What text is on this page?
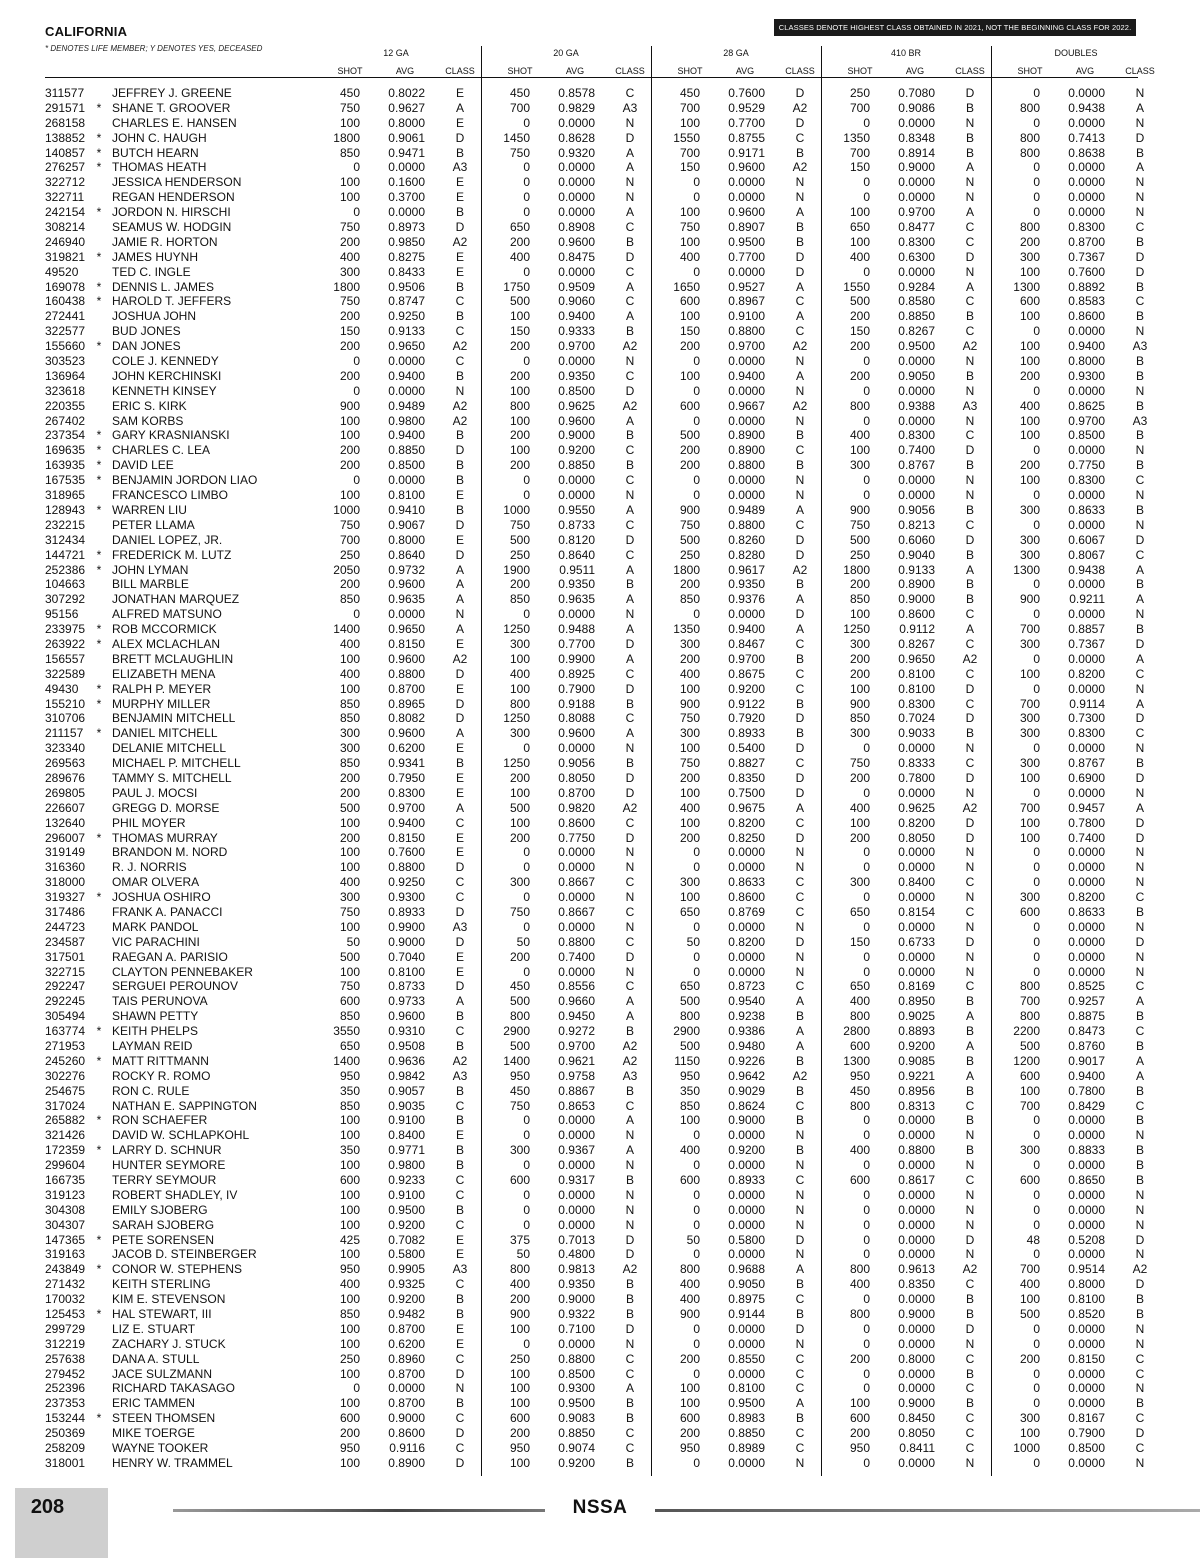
CALIFORNIA
* DENOTES LIFE MEMBER; Y DENOTES YES, DECEASED
CLASSES DENOTE HIGHEST CLASS OBTAINED IN 2021, NOT THE BEGINNING CLASS FOR 2022.
12 GA
SHOT	AVG	CLASS
20 GA
SHOT	AVG	CLASS
28 GA
SHOT	AVG	CLASS
410 BR
SHOT	AVG	CLASS
DOUBLES
SHOT	AVG	CLASS
311577	JEFFREY J. GREENE	450	0.8022	E	450	0.8578	C	450	0.7600	D	250	0.7080	D	0	0.0000	N
291571 * SHANE T. GROOVER	750	0.9627	A	700	0.9829	A3	700	0.9529	A2	700	0.9086	B	800	0.9438	A
268158	CHARLES E. HANSEN	100	0.8000	E	0	0.0000	N	100	0.7700	D	0	0.0000	N	0	0.0000	N
138852 * JOHN C. HAUGH	1800	0.9061	D	1450	0.8628	D	1550	0.8755	C	1350	0.8348	B	800	0.7413	D
140857 * BUTCH HEARN	850	0.9471	B	750	0.9320	A	700	0.9171	B	700	0.8914	B	800	0.8638	B
276257 * THOMAS HEATH	0	0.0000	A3	0	0.0000	A	150	0.9600	A2	150	0.9000	A	0	0.0000	A
322712	JESSICA HENDERSON	100	0.1600	E	0	0.0000	N	0	0.0000	N	0	0.0000	N	0	0.0000	N
322711	REGAN HENDERSON	100	0.3700	E	0	0.0000	N	0	0.0000	N	0	0.0000	N	0	0.0000	N
242154 * JORDON N. HIRSCHI	0	0.0000	B	0	0.0000	A	100	0.9600	A	100	0.9700	A	0	0.0000	N
308214	SEAMUS W. HODGIN	750	0.8973	D	650	0.8908	C	750	0.8907	B	650	0.8477	C	800	0.8300	C
246940	JAMIE R. HORTON	200	0.9850	A2	200	0.9600	B	100	0.9500	B	100	0.8300	C	200	0.8700	B
319821 * JAMES HUYNH	400	0.8275	E	400	0.8475	D	400	0.7700	D	400	0.6300	D	300	0.7367	D
49520	TED C. INGLE	300	0.8433	E	0	0.0000	C	0	0.0000	D	0	0.0000	N	100	0.7600	D
169078 * DENNIS L. JAMES	1800	0.9506	B	1750	0.9509	A	1650	0.9527	A	1550	0.9284	A	1300	0.8892	B
160438 * HAROLD T. JEFFERS	750	0.8747	C	500	0.9060	C	600	0.8967	C	500	0.8580	C	600	0.8583	C
272441	JOSHUA JOHN	200	0.9250	B	100	0.9400	A	100	0.9100	A	200	0.8850	B	100	0.8600	B
322577	BUD JONES	150	0.9133	C	150	0.9333	B	150	0.8800	C	150	0.8267	C	0	0.0000	N
155660 * DAN JONES	200	0.9650	A2	200	0.9700	A2	200	0.9700	A2	200	0.9500	A2	100	0.9400	A3
303523	COLE J. KENNEDY	0	0.0000	C	0	0.0000	N	0	0.0000	N	0	0.0000	N	100	0.8000	B
136964	JOHN KERCHINSKI	200	0.9400	B	200	0.9350	C	100	0.9400	A	200	0.9050	B	200	0.9300	B
323618	KENNETH KINSEY	0	0.0000	N	100	0.8500	D	0	0.0000	N	0	0.0000	N	0	0.0000	N
220355	ERIC S. KIRK	900	0.9489	A2	800	0.9625	A2	600	0.9667	A2	800	0.9388	A3	400	0.8625	B
267402	SAM KORBS	100	0.9800	A2	100	0.9600	A	0	0.0000	N	0	0.0000	N	100	0.9700	A3
237354 * GARY KRASNIANSKI	100	0.9400	B	200	0.9000	B	500	0.8900	B	400	0.8300	C	100	0.8500	B
169635 * CHARLES C. LEA	200	0.8850	D	100	0.9200	C	200	0.8900	C	100	0.7400	D	0	0.0000	N
163935 * DAVID LEE	200	0.8500	B	200	0.8850	B	200	0.8800	B	300	0.8767	B	200	0.7750	B
167535 * BENJAMIN JORDON LIAO	0	0.0000	B	0	0.0000	C	0	0.0000	N	0	0.0000	N	100	0.8300	C
318965	FRANCESCO LIMBO	100	0.8100	E	0	0.0000	N	0	0.0000	N	0	0.0000	N	0	0.0000	N
128943 * WARREN LIU	1000	0.9410	B	1000	0.9550	A	900	0.9489	A	900	0.9056	B	300	0.8633	B
232215	PETER LLAMA	750	0.9067	D	750	0.8733	C	750	0.8800	C	750	0.8213	C	0	0.0000	N
312434	DANIEL LOPEZ, JR.	700	0.8000	E	500	0.8120	D	500	0.8260	D	500	0.6060	D	300	0.6067	D
144721 * FREDERICK M. LUTZ	250	0.8640	D	250	0.8640	C	250	0.8280	D	250	0.9040	B	300	0.8067	C
252386 * JOHN LYMAN	2050	0.9732	A	1900	0.9511	A	1800	0.9617	A2	1800	0.9133	A	1300	0.9438	A
104663	BILL MARBLE	200	0.9600	A	200	0.9350	B	200	0.9350	B	200	0.8900	B	0	0.0000	B
307292	JONATHAN MARQUEZ	850	0.9635	A	850	0.9635	A	850	0.9376	A	850	0.9000	B	900	0.9211	A
95156	ALFRED MATSUNO	0	0.0000	N	0	0.0000	N	0	0.0000	D	100	0.8600	C	0	0.0000	N
233975 * ROB MCCORMICK	1400	0.9650	A	1250	0.9488	A	1350	0.9400	A	1250	0.9112	A	700	0.8857	B
263922 * ALEX MCLACHLAN	400	0.8150	E	300	0.7700	D	300	0.8467	C	300	0.8267	C	300	0.7367	D
156557	BRETT MCLAUGHLIN	100	0.9600	A2	100	0.9900	A	200	0.9700	B	200	0.9650	A2	0	0.0000	A
322589	ELIZABETH MENA	400	0.8800	D	400	0.8925	C	400	0.8675	C	200	0.8100	C	100	0.8200	C
49430	* RALPH P. MEYER	100	0.8700	E	100	0.7900	D	100	0.9200	C	100	0.8100	D	0	0.0000	N
155210 * MURPHY MILLER	850	0.8965	D	800	0.9188	B	900	0.9122	B	900	0.8300	C	700	0.9114	A
310706	BENJAMIN MITCHELL	850	0.8082	D	1250	0.8088	C	750	0.7920	D	850	0.7024	D	300	0.7300	D
211157	* DANIEL MITCHELL	300	0.9600	A	300	0.9600	A	300	0.8933	B	300	0.9033	B	300	0.8300	C
323340	DELANIE MITCHELL	300	0.6200	E	0	0.0000	N	100	0.5400	D	0	0.0000	N	0	0.0000	N
269563	MICHAEL P. MITCHELL	850	0.9341	B	1250	0.9056	B	750	0.8827	C	750	0.8333	C	300	0.8767	B
289676	TAMMY S. MITCHELL	200	0.7950	E	200	0.8050	D	200	0.8350	D	200	0.7800	D	100	0.6900	D
269805	PAUL J. MOCSI	200	0.8300	E	100	0.8700	D	100	0.7500	D	0	0.0000	N	0	0.0000	N
226607	GREGG D. MORSE	500	0.9700	A	500	0.9820	A2	400	0.9675	A	400	0.9625	A2	700	0.9457	A
132640	PHIL MOYER	100	0.9400	C	100	0.8600	C	100	0.8200	C	100	0.8200	D	100	0.7800	D
296007 * THOMAS MURRAY	200	0.8150	E	200	0.7750	D	200	0.8250	D	200	0.8050	D	100	0.7400	D
319149	BRANDON M. NORD	100	0.7600	E	0	0.0000	N	0	0.0000	N	0	0.0000	N	0	0.0000	N
316360	R. J. NORRIS	100	0.8800	D	0	0.0000	N	0	0.0000	N	0	0.0000	N	0	0.0000	N
318000	OMAR OLVERA	400	0.9250	C	300	0.8667	C	300	0.8633	C	300	0.8400	C	0	0.0000	N
319327 * JOSHUA OSHIRO	300	0.9300	C	0	0.0000	N	100	0.8600	C	0	0.0000	N	300	0.8200	C
317486	FRANK A. PANACCI	750	0.8933	D	750	0.8667	C	650	0.8769	C	650	0.8154	C	600	0.8633	B
244723	MARK PANDOL	100	0.9900	A3	0	0.0000	N	0	0.0000	N	0	0.0000	N	0	0.0000	N
234587	VIC PARACHINI	50	0.9000	D	50	0.8800	C	50	0.8200	D	150	0.6733	D	0	0.0000	D
317501	RAEGAN A. PARISIO	500	0.7040	E	200	0.7400	D	0	0.0000	N	0	0.0000	N	0	0.0000	N
322715	CLAYTON PENNEBAKER	100	0.8100	E	0	0.0000	N	0	0.0000	N	0	0.0000	N	0	0.0000	N
292247	SERGUEI PEROUNOV	750	0.8733	D	450	0.8556	C	650	0.8723	C	650	0.8169	C	800	0.8525	C
292245	TAIS PERUNOVA	600	0.9733	A	500	0.9660	A	500	0.9540	A	400	0.8950	B	700	0.9257	A
305494	SHAWN PETTY	850	0.9600	B	800	0.9450	A	800	0.9238	B	800	0.9025	A	800	0.8875	B
163774 * KEITH PHELPS	3550	0.9310	C	2900	0.9272	B	2900	0.9386	A	2800	0.8893	B	2200	0.8473	C
271953	LAYMAN REID	650	0.9508	B	500	0.9700	A2	500	0.9480	A	600	0.9200	A	500	0.8760	B
245260 * MATT RITTMANN	1400	0.9636	A2	1400	0.9621	A2	1150	0.9226	B	1300	0.9085	B	1200	0.9017	A
302276	ROCKY R. ROMO	950	0.9842	A3	950	0.9758	A3	950	0.9642	A2	950	0.9221	A	600	0.9400	A
254675	RON C. RULE	350	0.9057	B	450	0.8867	B	350	0.9029	B	450	0.8956	B	100	0.7800	B
317024	NATHAN E. SAPPINGTON	850	0.9035	C	750	0.8653	C	850	0.8624	C	800	0.8313	C	700	0.8429	C
265882 * RON SCHAEFER	100	0.9100	B	0	0.0000	A	100	0.9000	B	0	0.0000	B	0	0.0000	B
321426	DAVID W. SCHLAPKOHL	100	0.8400	E	0	0.0000	N	0	0.0000	N	0	0.0000	N	0	0.0000	N
172359 * LARRY D. SCHNUR	350	0.9771	B	300	0.9367	A	400	0.9200	B	400	0.8800	B	300	0.8833	B
299604	HUNTER SEYMORE	100	0.9800	B	0	0.0000	N	0	0.0000	N	0	0.0000	N	0	0.0000	B
166735	TERRY SEYMOUR	600	0.9233	C	600	0.9317	B	600	0.8933	C	600	0.8617	C	600	0.8650	B
319123	ROBERT SHADLEY, IV	100	0.9100	C	0	0.0000	N	0	0.0000	N	0	0.0000	N	0	0.0000	N
304308	EMILY SJOBERG	100	0.9500	B	0	0.0000	N	0	0.0000	N	0	0.0000	N	0	0.0000	N
304307	SARAH SJOBERG	100	0.9200	C	0	0.0000	N	0	0.0000	N	0	0.0000	N	0	0.0000	N
147365 * PETE SORENSEN	425	0.7082	E	375	0.7013	D	50	0.5800	D	0	0.0000	D	48	0.5208	D
319163	JACOB D. STEINBERGER	100	0.5800	E	50	0.4800	D	0	0.0000	N	0	0.0000	N	0	0.0000	N
243849 * CONOR W. STEPHENS	950	0.9905	A3	800	0.9813	A2	800	0.9688	A	800	0.9613	A2	700	0.9514	A2
271432	KEITH STERLING	400	0.9325	C	400	0.9350	B	400	0.9050	B	400	0.8350	C	400	0.8000	D
170032	KIM E. STEVENSON	100	0.9200	B	200	0.9000	B	400	0.8975	C	0	0.0000	B	100	0.8100	B
125453 * HAL STEWART, III	850	0.9482	B	900	0.9322	B	900	0.9144	B	800	0.9000	B	500	0.8520	B
299729	LIZ E. STUART	100	0.8700	E	100	0.7100	D	0	0.0000	D	0	0.0000	D	0	0.0000	N
312219	ZACHARY J. STUCK	100	0.6200	E	0	0.0000	N	0	0.0000	N	0	0.0000	N	0	0.0000	N
257638	DANA A. STULL	250	0.8960	C	250	0.8800	C	200	0.8550	C	200	0.8000	C	200	0.8150	C
279452	JACE SULZMANN	100	0.8700	D	100	0.8500	C	0	0.0000	C	0	0.0000	B	0	0.0000	C
252396	RICHARD TAKASAGO	0	0.0000	N	100	0.9300	A	100	0.8100	C	0	0.0000	C	0	0.0000	N
237353	ERIC TAMMEN	100	0.8700	B	100	0.9500	B	100	0.9500	A	100	0.9000	B	0	0.0000	B
153244 * STEEN THOMSEN	600	0.9000	C	600	0.9083	B	600	0.8983	B	600	0.8450	C	300	0.8167	C
250369	MIKE TOERGE	200	0.8600	D	200	0.8850	C	200	0.8850	C	200	0.8050	C	100	0.7900	D
258209	WAYNE TOOKER	950	0.9116	C	950	0.9074	C	950	0.8989	C	950	0.8411	C	1000	0.8500	C
318001	HENRY W. TRAMMEL	100	0.8900	D	100	0.9200	B	0	0.0000	N	0	0.0000	N	0	0.0000	N
208	NSSA
